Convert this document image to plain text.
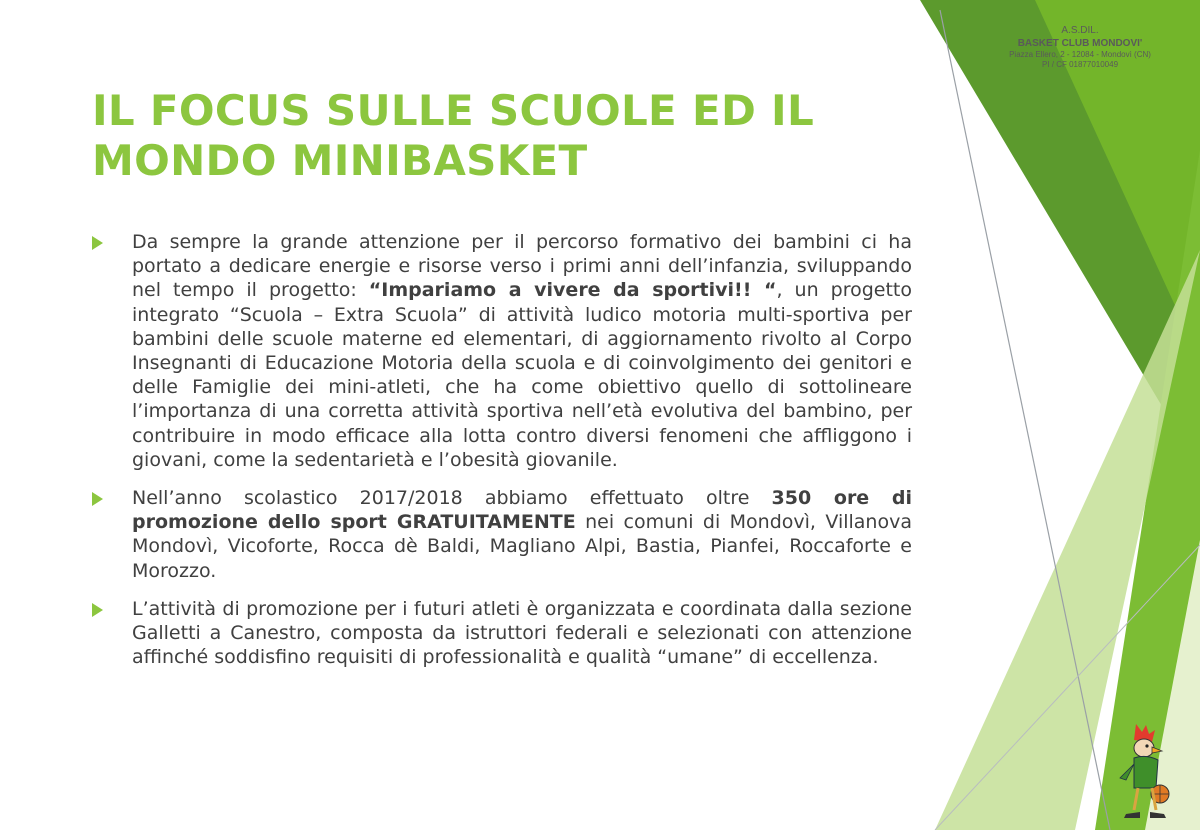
A.S.DIL.
BASKET CLUB MONDOVI'
Piazza Ellero, 2 - 12084 - Mondovì (CN)
PI / CF 01877010049
IL FOCUS SULLE SCUOLE ED IL MONDO MINIBASKET

Da sempre la grande attenzione per il percorso formativo dei bambini ci ha portato a dedicare energie e risorse verso i primi anni dell’infanzia, sviluppando nel tempo il progetto: “Impariamo a vivere da sportivi!! “, un progetto integrato “Scuola – Extra Scuola” di attività ludico motoria multi-sportiva per bambini delle scuole materne ed elementari, di aggiornamento rivolto al Corpo Insegnanti di Educazione Motoria della scuola e di coinvolgimento dei genitori e delle Famiglie dei mini-atleti, che ha come obiettivo quello di sottolineare l’importanza di una corretta attività sportiva nell’età evolutiva del bambino, per contribuire in modo efficace alla lotta contro diversi fenomeni che affliggono i giovani, come la sedentarietà e l’obesità giovanile.

Nell’anno scolastico 2017/2018 abbiamo effettuato oltre 350 ore di promozione dello sport GRATUITAMENTE nei comuni di Mondovì, Villanova Mondovì, Vicoforte, Rocca dè Baldi, Magliano Alpi, Bastia, Pianfei, Roccaforte e Morozzo.

L’attività di promozione per i futuri atleti è organizzata e coordinata dalla sezione Galletti a Canestro, composta da istruttori federali e selezionati con attenzione affinché soddisfino requisiti di professionalità e qualità “umane” di eccellenza.
